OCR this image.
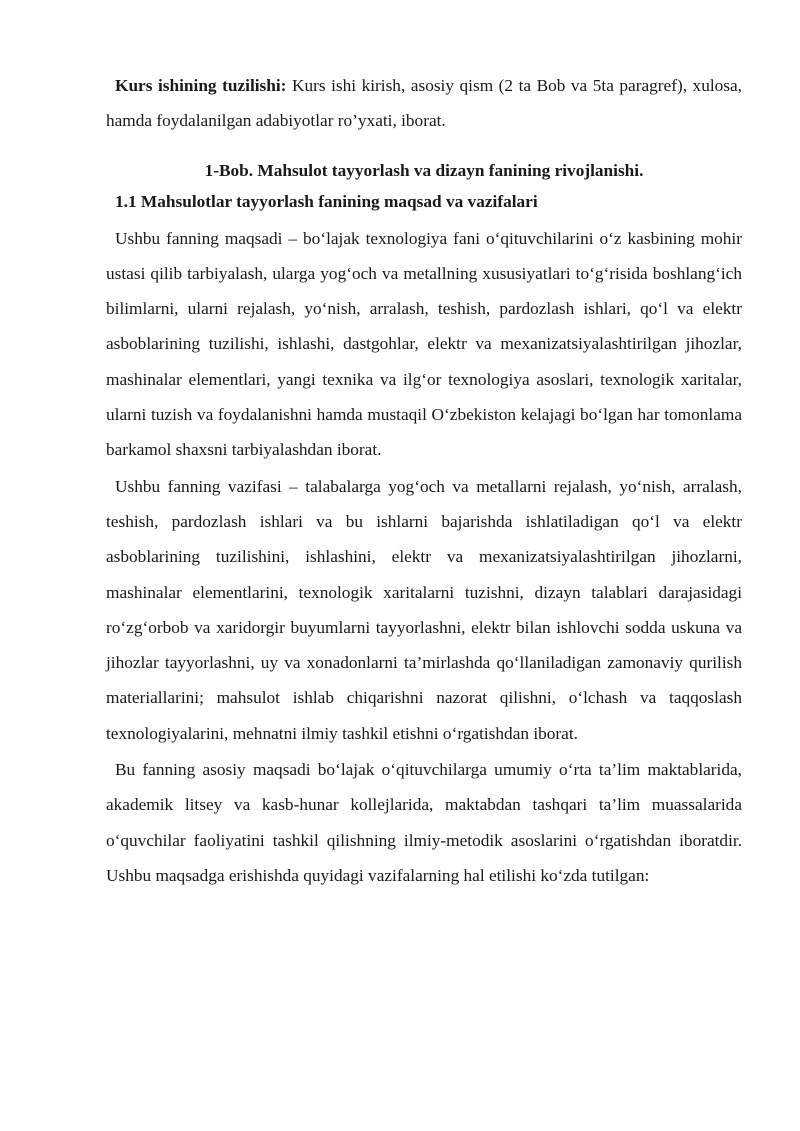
Kurs ishining tuzilishi: Kurs ishi kirish, asosiy qism (2 ta Bob va 5ta paragref), xulosa, hamda foydalanilgan adabiyotlar ro’yxati, iborat.

1-Bob. Mahsulot tayyorlash va dizayn fanining rivojlanishi.
1.1 Mahsulotlar tayyorlash fanining maqsad va vazifalari

Ushbu fanning maqsadi – bo‘lajak texnologiya fani o‘qituvchilarini o‘z kasbining mohir ustasi qilib tarbiyalash, ularga yog‘och va metallning xususiyatlari to‘g‘risida boshlang‘ich bilimlarni, ularni rejalash, yo‘nish, arralash, teshish, pardozlash ishlari, qo‘l va elektr asboblarining tuzilishi, ishlashi, dastgohlar, elektr va mexanizatsiyalashtirilgan jihozlar, mashinalar elementlari, yangi texnika va ilg‘or texnologiya asoslari, texnologik xaritalar, ularni tuzish va foydalanishni hamda mustaqil O‘zbekiston kelajagi bo‘lgan har tomonlama barkamol shaxsni tarbiyalashdan iborat.

Ushbu fanning vazifasi – talabalarga yog‘och va metallarni rejalash, yo‘nish, arralash, teshish, pardozlash ishlari va bu ishlarni bajarishda ishlatiladigan qo‘l va elektr asboblarining tuzilishini, ishlashini, elektr va mexanizatsiyalashtirilgan jihozlarni, mashinalar elementlarini, texnologik xaritalarni tuzishni, dizayn talablari darajasidagi ro‘zg‘orbob va xaridorgir buyumlarni tayyorlashni, elektr bilan ishlovchi sodda uskuna va jihozlar tayyorlashni, uy va xonadonlarni ta’mirlashda qo‘llaniladigan zamonaviy qurilish materiallarini; mahsulot ishlab chiqarishni nazorat qilishni, o‘lchash va taqqoslash texnologiyalarini, mehnatni ilmiy tashkil etishni o‘rgatishdan iborat.

Bu fanning asosiy maqsadi bo‘lajak o‘qituvchilarga umumiy o‘rta ta’lim maktablarida, akademik litsey va kasb-hunar kollejlarida, maktabdan tashqari ta’lim muassalarida o‘quvchilar faoliyatini tashkil qilishning ilmiy-metodik asoslarini o‘rgatishdan iboratdir. Ushbu maqsadga erishishda quyidagi vazifalarning hal etilishi ko‘zda tutilgan:
